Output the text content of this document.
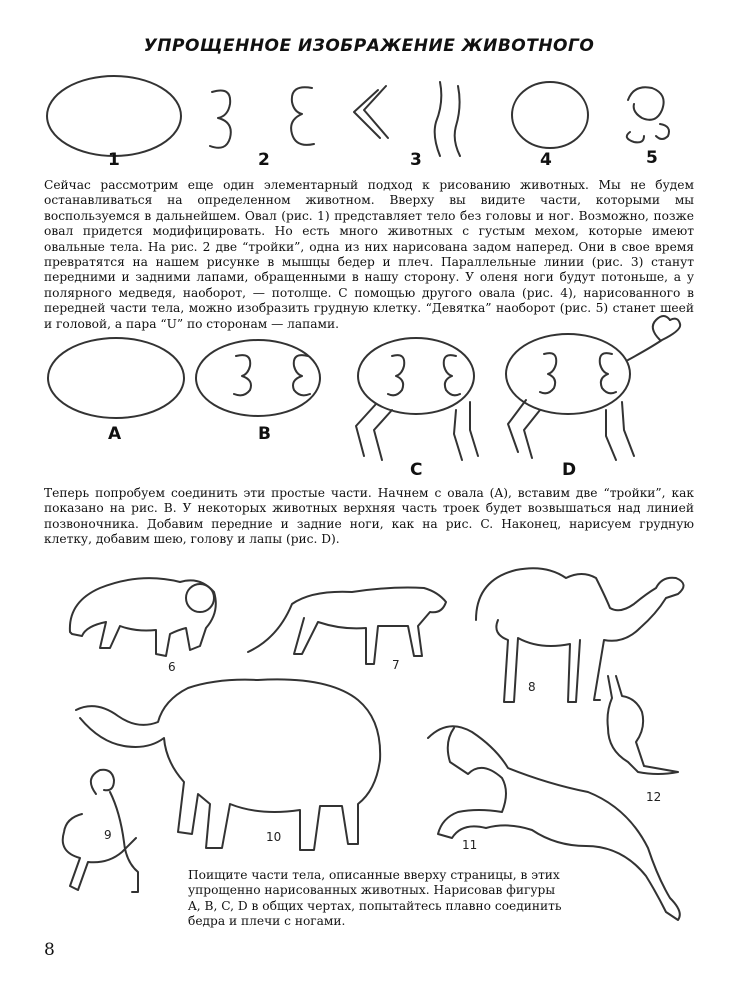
УПРОЩЕННОЕ ИЗОБРАЖЕНИЕ ЖИВОТНОГО
1	2	3	4	5
Сейчас рассмотрим еще один элементарный подход к рисованию животных. Мы не будем останавливаться на определенном животном. Вверху вы видите части, которыми мы воспользуемся в дальнейшем. Овал (рис. 1) представляет тело без головы и ног. Возможно, позже овал придется модифицировать. Но есть много животных с густым мехом, которые имеют овальные тела. На рис. 2 две “тройки”, одна из них нарисована задом наперед. Они в свое время превратятся на нашем рисунке в мышцы бедер и плеч. Параллельные линии (рис. 3) станут передними и задними лапами, обращенными в нашу сторону. У оленя ноги будут потоньше, а у полярного медведя, наоборот, — потолще. С помощью другого овала (рис. 4), нарисованного в передней части тела, можно изобразить грудную клетку. “Девятка” наоборот (рис. 5) станет шеей и головой, а пара “U” по сторонам — лапами.
A	B
C	D
Теперь попробуем соединить эти простые части. Начнем с овала (A), вставим две “тройки”, как показано на рис. B. У некоторых животных верхняя часть троек будет возвышаться над линией позвоночника. Добавим передние и задние ноги, как на рис. C. Наконец, нарисуем грудную клетку, добавим шею, голову и лапы (рис. D).
6	7
8
9	10
11
12
Поищите части тела, описанные вверху страницы, в этих упрощенно нарисованных животных. Нарисовав фигуры A, B, C, D в общих чертах, попытайтесь плавно соединить бедра и плечи с ногами.
8
